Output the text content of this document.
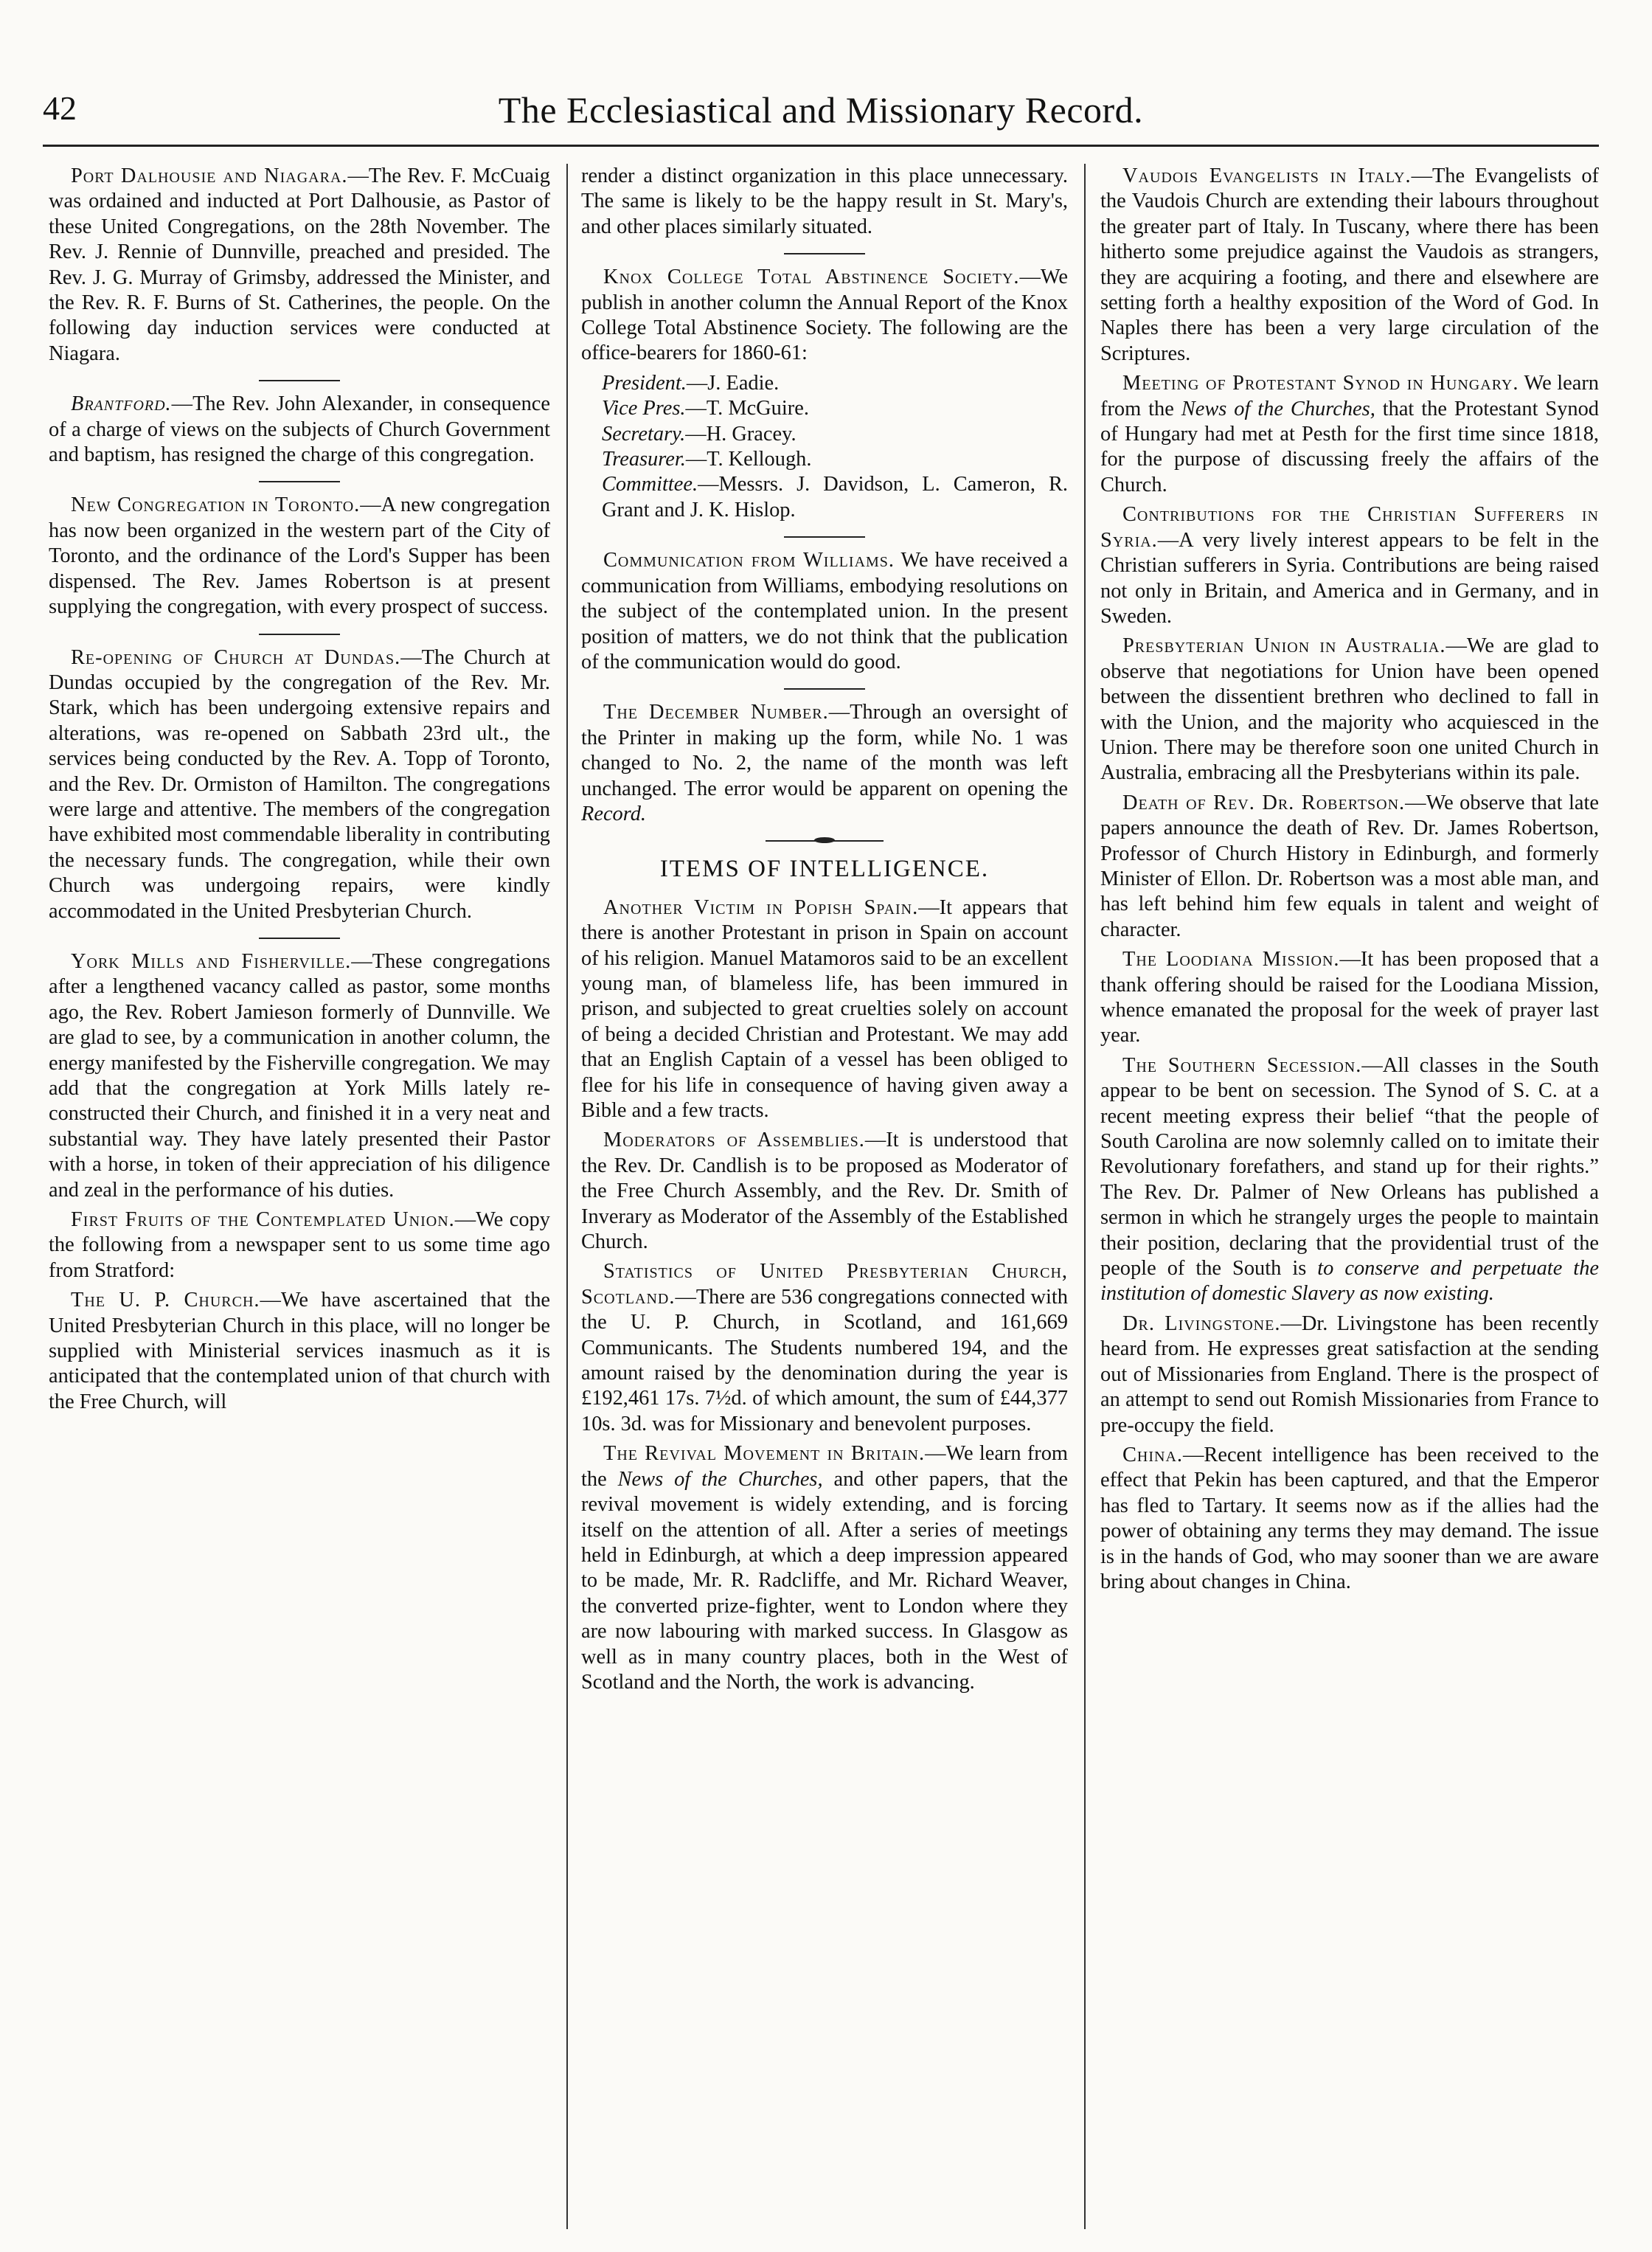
42	The Ecclesiastical and Missionary Record.

Port Dalhousie and Niagara.—The Rev. F. McCuaig was ordained and inducted at Port Dalhousie, as Pastor of these United Congregations, on the 28th November. The Rev. J. Rennie of Dunnville, preached and presided. The Rev. J. G. Murray of Grimsby, addressed the Minister, and the Rev. R. F. Burns of St. Catherines, the people. On the following day induction services were conducted at Niagara.

Brantford.—The Rev. John Alexander, in consequence of a charge of views on the subjects of Church Government and baptism, has resigned the charge of this congregation.

New Congregation in Toronto.—A new congregation has now been organized in the western part of the City of Toronto, and the ordinance of the Lord's Supper has been dispensed. The Rev. James Robertson is at present supplying the congregation, with every prospect of success.

Re-opening of Church at Dundas.—The Church at Dundas occupied by the congregation of the Rev. Mr. Stark, which has been undergoing extensive repairs and alterations, was re-opened on Sabbath 23rd ult., the services being conducted by the Rev. A. Topp of Toronto, and the Rev. Dr. Ormiston of Hamilton. The congregations were large and attentive. The members of the congregation have exhibited most commendable liberality in contributing the necessary funds. The congregation, while their own Church was undergoing repairs, were kindly accommodated in the United Presbyterian Church.

York Mills and Fisherville.—These congregations after a lengthened vacancy called as pastor, some months ago, the Rev. Robert Jamieson formerly of Dunnville. We are glad to see, by a communication in another column, the energy manifested by the Fisherville congregation. We may add that the congregation at York Mills lately re-constructed their Church, and finished it in a very neat and substantial way. They have lately presented their Pastor with a horse, in token of their appreciation of his diligence and zeal in the performance of his duties.

First Fruits of the Contemplated Union.—We copy the following from a newspaper sent to us some time ago from Stratford:

The U. P. Church.—We have ascertained that the United Presbyterian Church in this place, will no longer be supplied with Ministerial services inasmuch as it is anticipated that the contemplated union of that church with the Free Church, will

render a distinct organization in this place unnecessary. The same is likely to be the happy result in St. Mary's, and other places similarly situated.

Knox College Total Abstinence Society.—We publish in another column the Annual Report of the Knox College Total Abstinence Society. The following are the office-bearers for 1860-61:

President.—J. Eadie.
Vice Pres.—T. McGuire.
Secretary.—H. Gracey.
Treasurer.—T. Kellough.
Committee.—Messrs. J. Davidson, L. Cameron, R. Grant and J. K. Hislop.

Communication from Williams. We have received a communication from Williams, embodying resolutions on the subject of the contemplated union. In the present position of matters, we do not think that the publication of the communication would do good.

The December Number.—Through an oversight of the Printer in making up the form, while No. 1 was changed to No. 2, the name of the month was left unchanged. The error would be apparent on opening the Record.

ITEMS OF INTELLIGENCE.

Another Victim in Popish Spain.—It appears that there is another Protestant in prison in Spain on account of his religion. Manuel Matamoros said to be an excellent young man, of blameless life, has been immured in prison, and subjected to great cruelties solely on account of being a decided Christian and Protestant. We may add that an English Captain of a vessel has been obliged to flee for his life in consequence of having given away a Bible and a few tracts.

Moderators of Assemblies.—It is understood that the Rev. Dr. Candlish is to be proposed as Moderator of the Free Church Assembly, and the Rev. Dr. Smith of Inverary as Moderator of the Assembly of the Established Church.

Statistics of United Presbyterian Church, Scotland.—There are 536 congregations connected with the U. P. Church, in Scotland, and 161,669 Communicants. The Students numbered 194, and the amount raised by the denomination during the year is £192,461 17s. 7½d. of which amount, the sum of £44,377 10s. 3d. was for Missionary and benevolent purposes.

The Revival Movement in Britain.—We learn from the News of the Churches, and other papers, that the revival movement is widely extending, and is forcing itself on the attention of all. After a series of meetings held in Edinburgh, at which a deep impression appeared to be made, Mr. R. Radcliffe, and Mr. Richard Weaver, the converted prize-fighter, went to London where they are now labouring with marked success. In Glasgow as well as in many country places, both in the West of Scotland and the North, the work is advancing.

Vaudois Evangelists in Italy.—The Evangelists of the Vaudois Church are extending their labours throughout the greater part of Italy. In Tuscany, where there has been hitherto some prejudice against the Vaudois as strangers, they are acquiring a footing, and there and elsewhere are setting forth a healthy exposition of the Word of God. In Naples there has been a very large circulation of the Scriptures.

Meeting of Protestant Synod in Hungary. We learn from the News of the Churches, that the Protestant Synod of Hungary had met at Pesth for the first time since 1818, for the purpose of discussing freely the affairs of the Church.

Contributions for the Christian Sufferers in Syria.—A very lively interest appears to be felt in the Christian sufferers in Syria. Contributions are being raised not only in Britain, and America and in Germany, and in Sweden.

Presbyterian Union in Australia.—We are glad to observe that negotiations for Union have been opened between the dissentient brethren who declined to fall in with the Union, and the majority who acquiesced in the Union. There may be therefore soon one united Church in Australia, embracing all the Presbyterians within its pale.

Death of Rev. Dr. Robertson.—We observe that late papers announce the death of Rev. Dr. James Robertson, Professor of Church History in Edinburgh, and formerly Minister of Ellon. Dr. Robertson was a most able man, and has left behind him few equals in talent and weight of character.

The Loodiana Mission.—It has been proposed that a thank offering should be raised for the Loodiana Mission, whence emanated the proposal for the week of prayer last year.

The Southern Secession.—All classes in the South appear to be bent on secession. The Synod of S. C. at a recent meeting express their belief “that the people of South Carolina are now solemnly called on to imitate their Revolutionary forefathers, and stand up for their rights.” The Rev. Dr. Palmer of New Orleans has published a sermon in which he strangely urges the people to maintain their position, declaring that the providential trust of the people of the South is to conserve and perpetuate the institution of domestic Slavery as now existing.

Dr. Livingstone.—Dr. Livingstone has been recently heard from. He expresses great satisfaction at the sending out of Missionaries from England. There is the prospect of an attempt to send out Romish Missionaries from France to pre-occupy the field.

China.—Recent intelligence has been received to the effect that Pekin has been captured, and that the Emperor has fled to Tartary. It seems now as if the allies had the power of obtaining any terms they may demand. The issue is in the hands of God, who may sooner than we are aware bring about changes in China.
